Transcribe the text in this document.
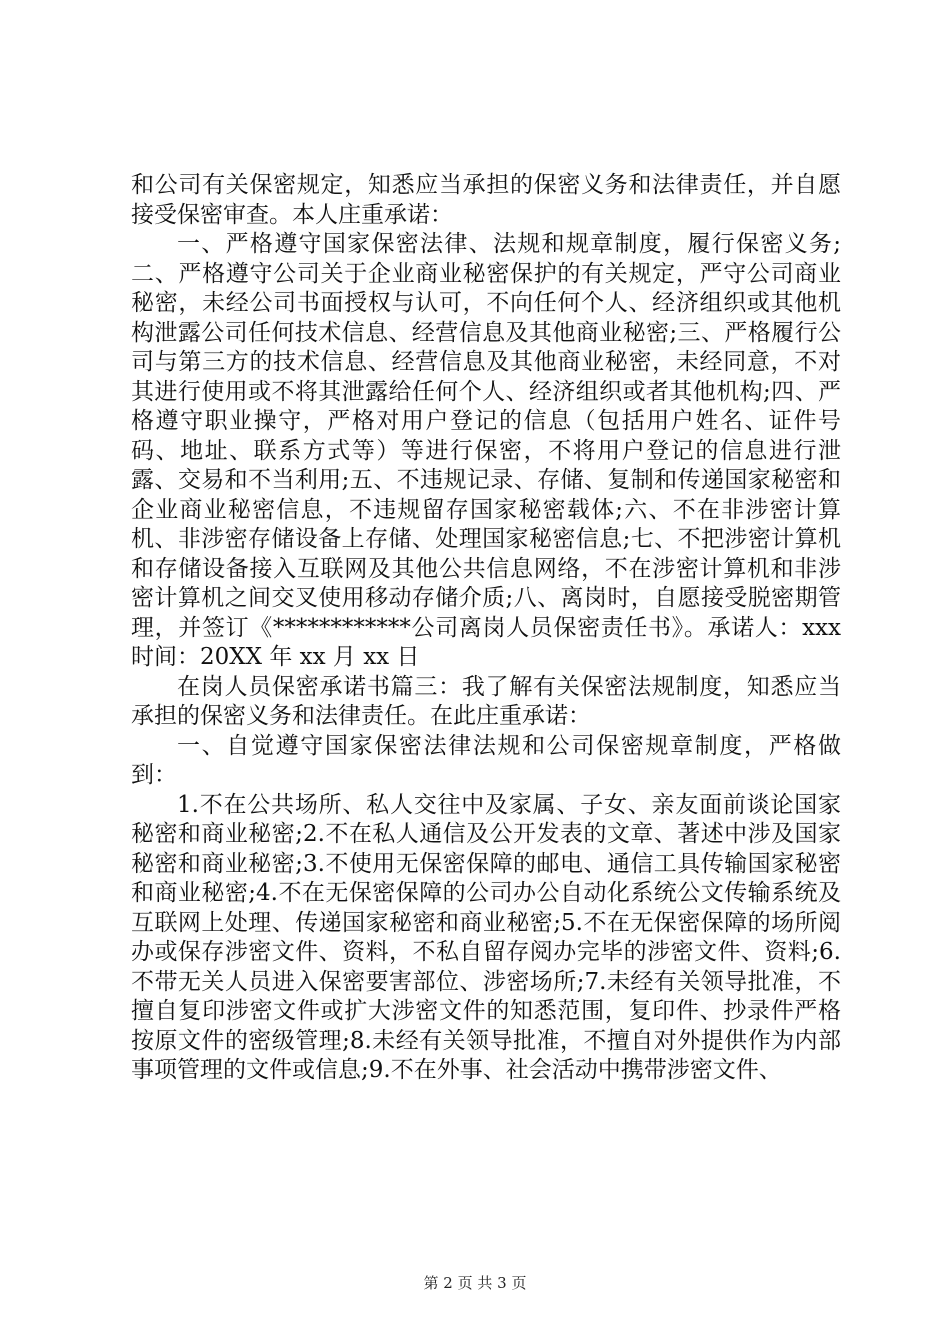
和公司有关保密规定，知悉应当承担的保密义务和法律责任，并自愿接受保密审查。本人庄重承诺：

一、严格遵守国家保密法律、法规和规章制度，履行保密义务;二、严格遵守公司关于企业商业秘密保护的有关规定，严守公司商业秘密，未经公司书面授权与认可，不向任何个人、经济组织或其他机构泄露公司任何技术信息、经营信息及其他商业秘密;三、严格履行公司与第三方的技术信息、经营信息及其他商业秘密，未经同意，不对其进行使用或不将其泄露给任何个人、经济组织或者其他机构;四、严格遵守职业操守，严格对用户登记的信息（包括用户姓名、证件号码、地址、联系方式等）等进行保密，不将用户登记的信息进行泄露、交易和不当利用;五、不违规记录、存储、复制和传递国家秘密和企业商业秘密信息，不违规留存国家秘密载体;六、不在非涉密计算机、非涉密存储设备上存储、处理国家秘密信息;七、不把涉密计算机和存储设备接入互联网及其他公共信息网络，不在涉密计算机和非涉密计算机之间交叉使用移动存储介质;八、离岗时，自愿接受脱密期管理，并签订《************公司离岗人员保密责任书》。承诺人：xxx 时间：20XX 年 xx 月 xx 日

在岗人员保密承诺书篇三：我了解有关保密法规制度，知悉应当承担的保密义务和法律责任。在此庄重承诺：

一、自觉遵守国家保密法律法规和公司保密规章制度，严格做到：

1.不在公共场所、私人交往中及家属、子女、亲友面前谈论国家秘密和商业秘密;2.不在私人通信及公开发表的文章、著述中涉及国家秘密和商业秘密;3.不使用无保密保障的邮电、通信工具传输国家秘密和商业秘密;4.不在无保密保障的公司办公自动化系统公文传输系统及互联网上处理、传递国家秘密和商业秘密;5.不在无保密保障的场所阅办或保存涉密文件、资料，不私自留存阅办完毕的涉密文件、资料;6.不带无关人员进入保密要害部位、涉密场所;7.未经有关领导批准，不擅自复印涉密文件或扩大涉密文件的知悉范围，复印件、抄录件严格按原文件的密级管理;8.未经有关领导批准，不擅自对外提供作为内部事项管理的文件或信息;9.不在外事、社会活动中携带涉密文件、

第 2 页 共 3 页
